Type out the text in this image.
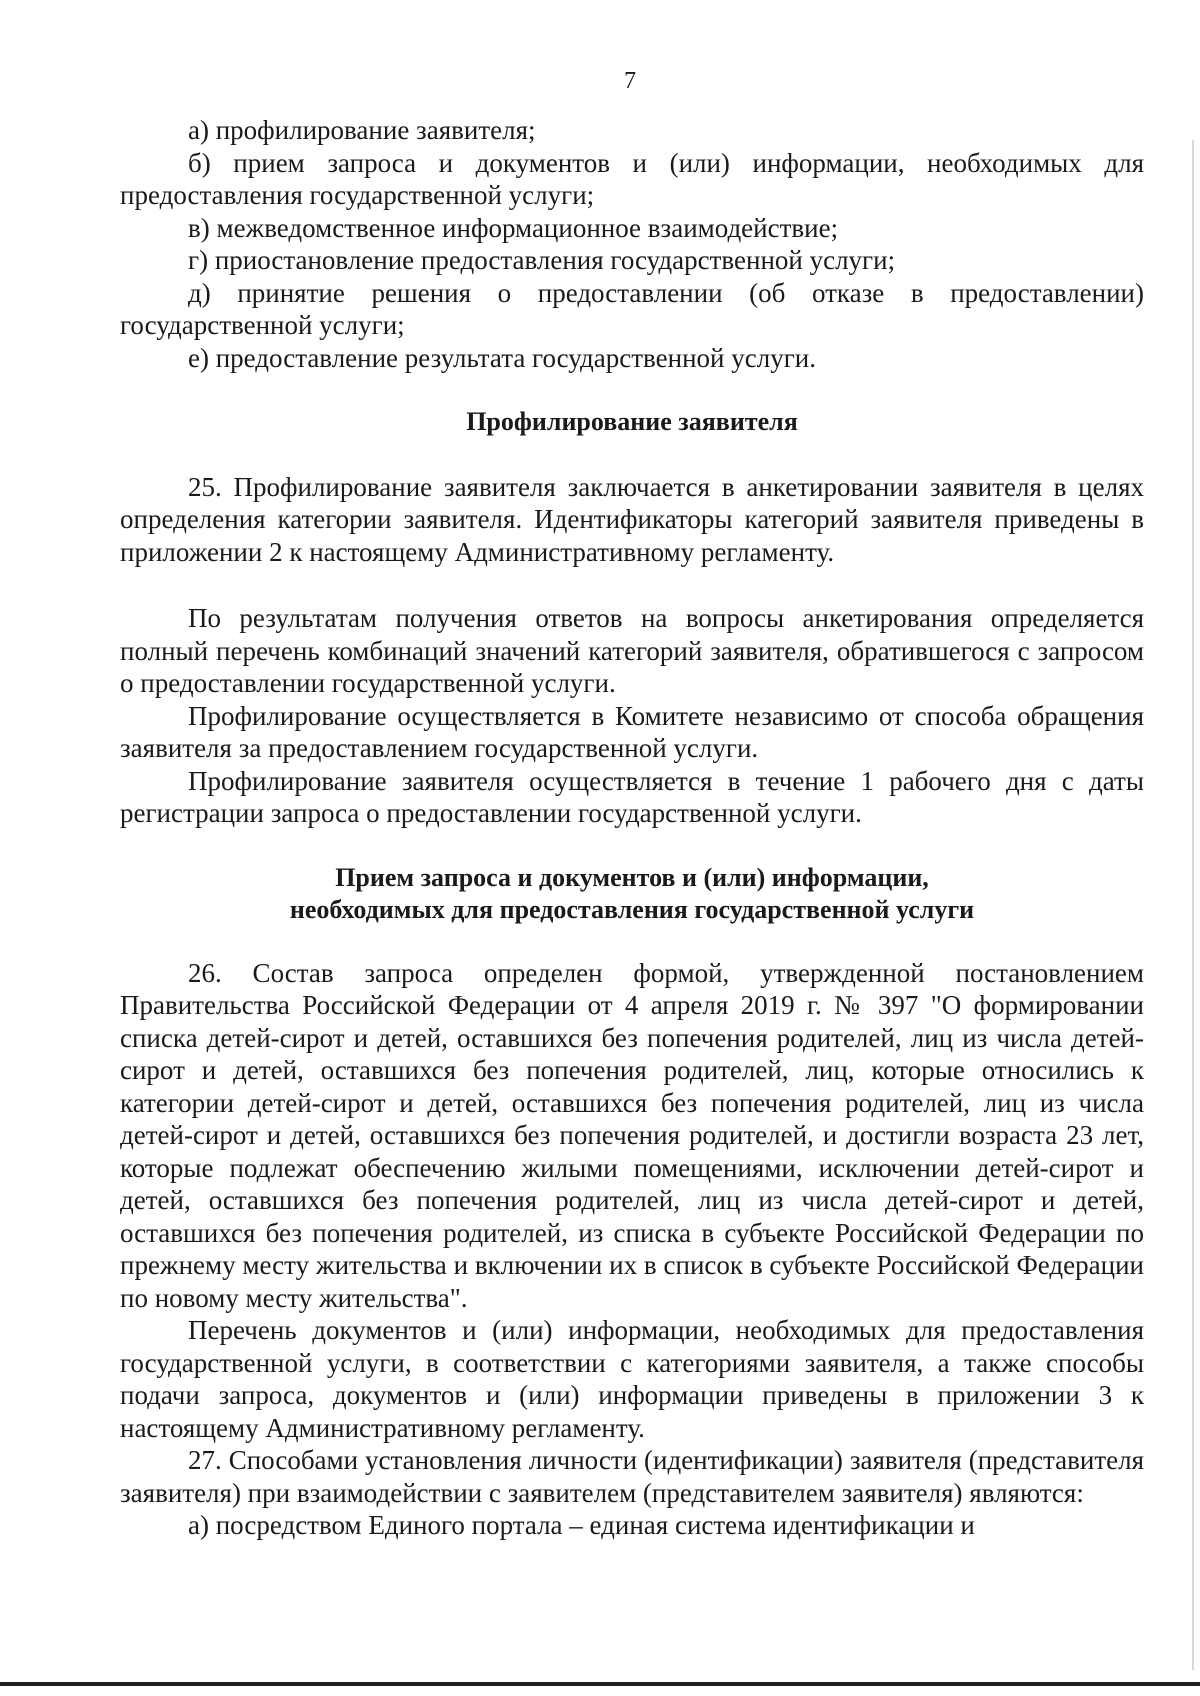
7

а) профилирование заявителя;

б) прием запроса и документов и (или) информации, необходимых для предоставления государственной услуги;

в) межведомственное информационное взаимодействие;

г) приостановление предоставления государственной услуги;

д) принятие решения о предоставлении (об отказе в предоставлении) государственной услуги;

е) предоставление результата государственной услуги.

Профилирование заявителя

25. Профилирование заявителя заключается в анкетировании заявителя в целях определения категории заявителя. Идентификаторы категорий заявителя приведены в приложении 2 к настоящему Административному регламенту.

По результатам получения ответов на вопросы анкетирования определяется полный перечень комбинаций значений категорий заявителя, обратившегося с запросом о предоставлении государственной услуги.

Профилирование осуществляется в Комитете независимо от способа обращения заявителя за предоставлением государственной услуги.

Профилирование заявителя осуществляется в течение 1 рабочего дня с даты регистрации запроса о предоставлении государственной услуги.

Прием запроса и документов и (или) информации,
необходимых для предоставления государственной услуги

26. Состав запроса определен формой, утвержденной постановлением Правительства Российской Федерации от 4 апреля 2019 г. № 397 "О формировании списка детей-сирот и детей, оставшихся без попечения родителей, лиц из числа детей-сирот и детей, оставшихся без попечения родителей, лиц, которые относились к категории детей-сирот и детей, оставшихся без попечения родителей, лиц из числа детей-сирот и детей, оставшихся без попечения родителей, и достигли возраста 23 лет, которые подлежат обеспечению жилыми помещениями, исключении детей-сирот и детей, оставшихся без попечения родителей, лиц из числа детей-сирот и детей, оставшихся без попечения родителей, из списка в субъекте Российской Федерации по прежнему месту жительства и включении их в список в субъекте Российской Федерации по новому месту жительства".

Перечень документов и (или) информации, необходимых для предоставления государственной услуги, в соответствии с категориями заявителя, а также способы подачи запроса, документов и (или) информации приведены в приложении 3 к настоящему Административному регламенту.

27. Способами установления личности (идентификации) заявителя (представителя заявителя) при взаимодействии с заявителем (представителем заявителя) являются:

а) посредством Единого портала – единая система идентификации и
